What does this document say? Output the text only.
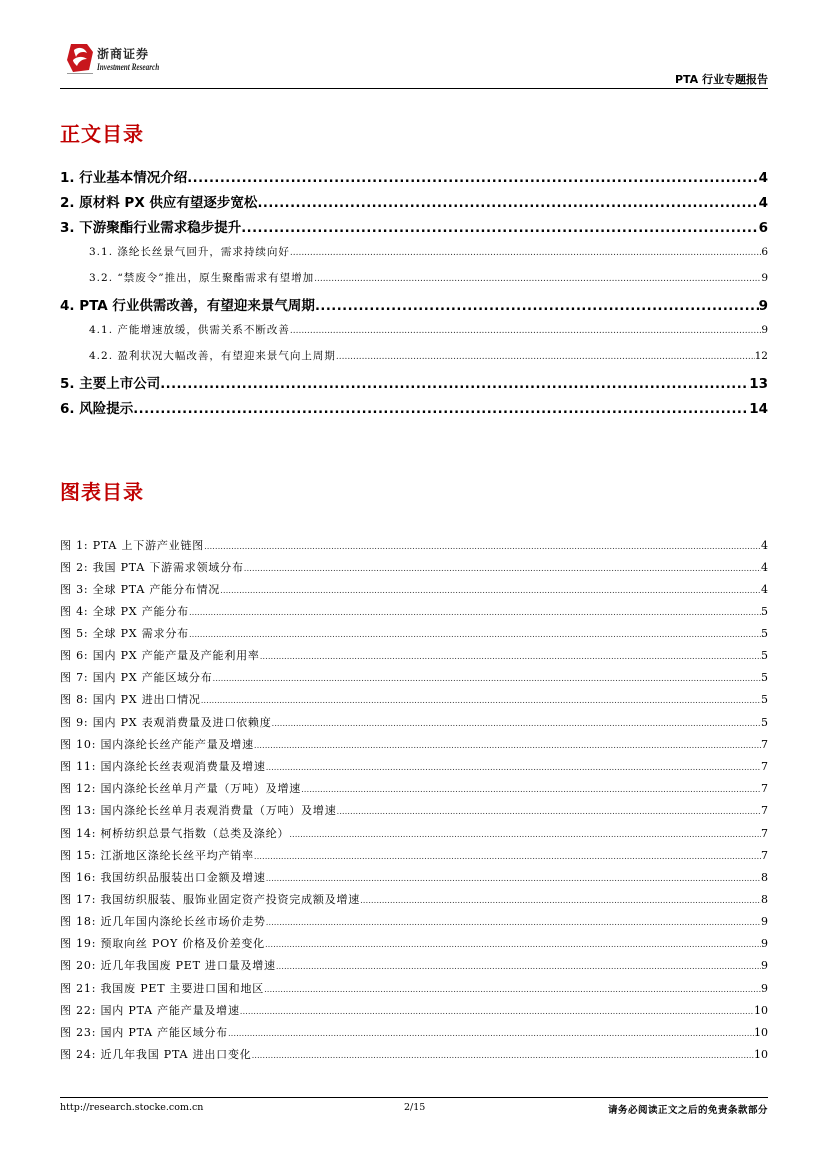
浙商证券
Investment Research
PTA 行业专题报告
正文目录
1. 行业基本情况介绍 .....	4
2. 原材料 PX 供应有望逐步宽松 .....	4
3. 下游聚酯行业需求稳步提升 .....	6
3.1. 涤纶长丝景气回升，需求持续向好 .....	6
3.2. “禁废令”推出，原生聚酯需求有望增加 .....	9
4. PTA 行业供需改善，有望迎来景气周期 .....	9
4.1. 产能增速放缓，供需关系不断改善 .....	9
4.2. 盈利状况大幅改善，有望迎来景气向上周期 .....	12
5. 主要上市公司 .....	13
6. 风险提示 .....	14
图表目录
图 1: PTA 上下游产业链图 .....	4
图 2: 我国 PTA 下游需求领域分布 .....	4
图 3: 全球 PTA 产能分布情况 .....	4
图 4: 全球 PX 产能分布 .....	5
图 5: 全球 PX 需求分布 .....	5
图 6: 国内 PX 产能产量及产能利用率 .....	5
图 7: 国内 PX 产能区域分布 .....	5
图 8: 国内 PX 进出口情况 .....	5
图 9: 国内 PX 表观消费量及进口依赖度 .....	5
图 10: 国内涤纶长丝产能产量及增速 .....	7
图 11: 国内涤纶长丝表观消费量及增速 .....	7
图 12: 国内涤纶长丝单月产量（万吨）及增速 .....	7
图 13: 国内涤纶长丝单月表观消费量（万吨）及增速 .....	7
图 14: 柯桥纺织总景气指数（总类及涤纶） .....	7
图 15: 江浙地区涤纶长丝平均产销率 .....	7
图 16: 我国纺织品服装出口金额及增速 .....	8
图 17: 我国纺织服装、服饰业固定资产投资完成额及增速 .....	8
图 18: 近几年国内涤纶长丝市场价走势 .....	9
图 19: 预取向丝 POY 价格及价差变化 .....	9
图 20: 近几年我国废 PET 进口量及增速 .....	9
图 21: 我国废 PET 主要进口国和地区 .....	9
图 22: 国内 PTA 产能产量及增速 .....	10
图 23: 国内 PTA 产能区域分布 .....	10
图 24: 近几年我国 PTA 进出口变化 .....	10
http://research.stocke.com.cn	2/15	请务必阅读正文之后的免责条款部分
